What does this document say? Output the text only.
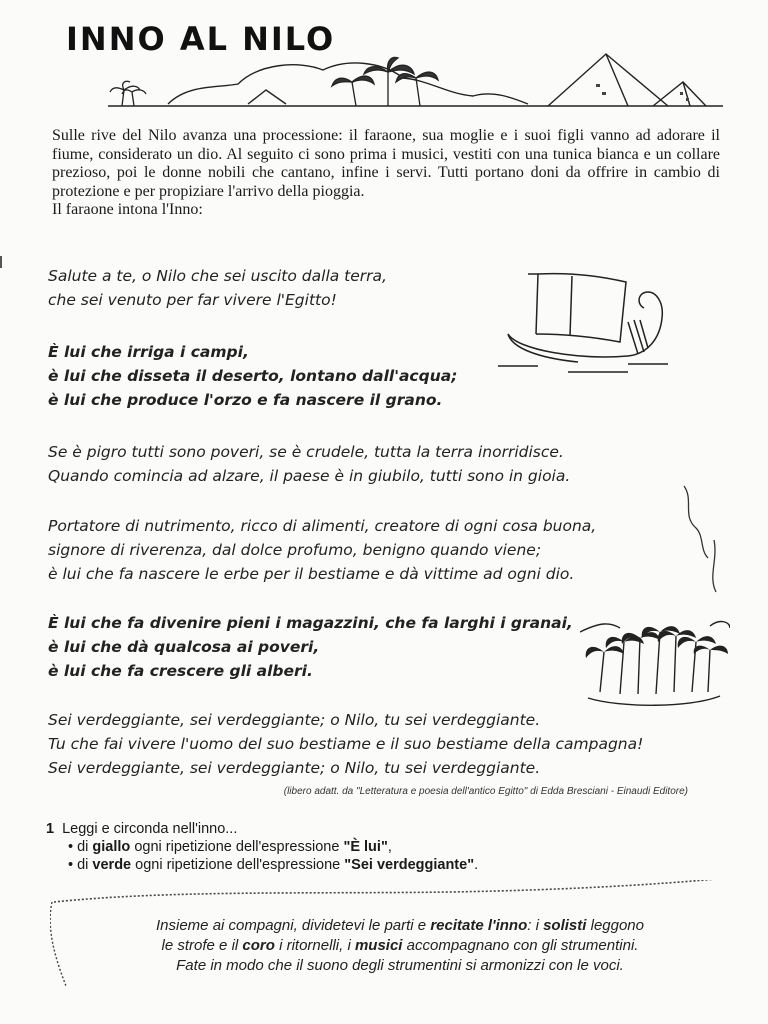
INNO AL NILO

Sulle rive del Nilo avanza una processione: il faraone, sua moglie e i suoi figli vanno ad adorare il fiume, considerato un dio. Al seguito ci sono prima i musici, vestiti con una tunica bianca e un collare prezioso, poi le donne nobili che cantano, infine i servi. Tutti portano doni da offrire in cambio di protezione e per propiziare l'arrivo della pioggia.

Il faraone intona l'Inno:

Salute a te, o Nilo che sei uscito dalla terra,
che sei venuto per far vivere l'Egitto!
È lui che irriga i campi,
è lui che disseta il deserto, lontano dall'acqua;
è lui che produce l'orzo e fa nascere il grano.
Se è pigro tutti sono poveri, se è crudele, tutta la terra inorridisce.
Quando comincia ad alzare, il paese è in giubilo, tutti sono in gioia.
Portatore di nutrimento, ricco di alimenti, creatore di ogni cosa buona,
signore di riverenza, dal dolce profumo, benigno quando viene;
è lui che fa nascere le erbe per il bestiame e dà vittime ad ogni dio.
È lui che fa divenire pieni i magazzini, che fa larghi i granai,
è lui che dà qualcosa ai poveri,
è lui che fa crescere gli alberi.
Sei verdeggiante, sei verdeggiante; o Nilo, tu sei verdeggiante.
Tu che fai vivere l'uomo del suo bestiame e il suo bestiame della campagna!
Sei verdeggiante, sei verdeggiante; o Nilo, tu sei verdeggiante.
(libero adatt. da "Letteratura e poesia dell'antico Egitto" di Edda Bresciani - Einaudi Editore)
1 Leggi e circonda nell'inno...
• di giallo ogni ripetizione dell'espressione "È lui",
• di verde ogni ripetizione dell'espressione "Sei verdeggiante".
Insieme ai compagni, dividetevi le parti e recitate l'inno: i solisti leggono
le strofe e il coro i ritornelli, i musici accompagnano con gli strumentini.
Fate in modo che il suono degli strumentini si armonizzi con le voci.
